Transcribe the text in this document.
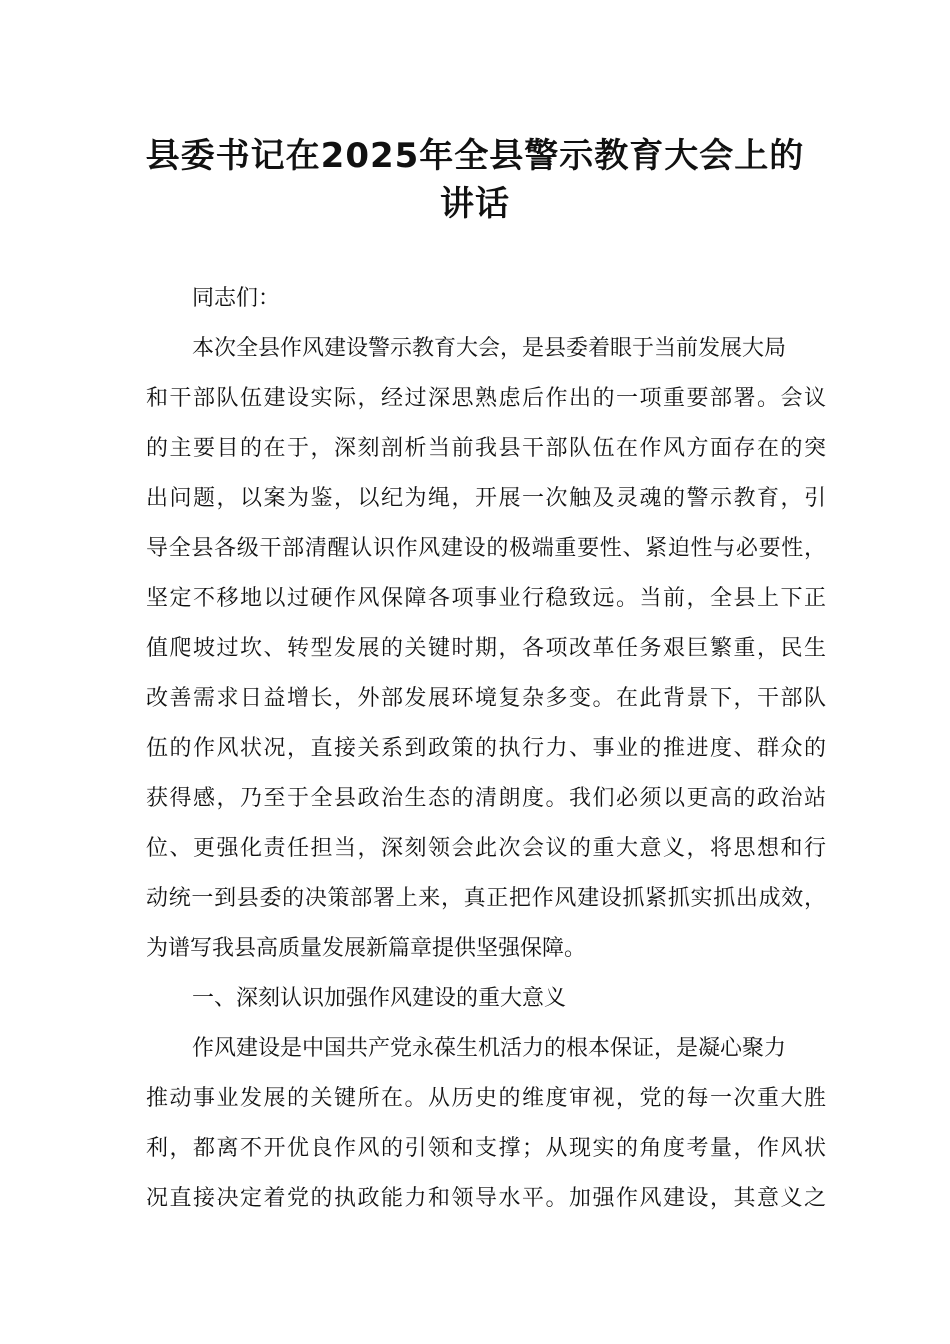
县委书记在2025年全县警示教育大会上的
讲话
同志们：
本次全县作风建设警示教育大会，是县委着眼于当前发展大局
和干部队伍建设实际，经过深思熟虑后作出的一项重要部署。会议
的主要目的在于，深刻剖析当前我县干部队伍在作风方面存在的突
出问题，以案为鉴，以纪为绳，开展一次触及灵魂的警示教育，引
导全县各级干部清醒认识作风建设的极端重要性、紧迫性与必要性，
坚定不移地以过硬作风保障各项事业行稳致远。当前，全县上下正
值爬坡过坎、转型发展的关键时期，各项改革任务艰巨繁重，民生
改善需求日益增长，外部发展环境复杂多变。在此背景下，干部队
伍的作风状况，直接关系到政策的执行力、事业的推进度、群众的
获得感，乃至于全县政治生态的清朗度。我们必须以更高的政治站
位、更强化责任担当，深刻领会此次会议的重大意义，将思想和行
动统一到县委的决策部署上来，真正把作风建设抓紧抓实抓出成效，
为谱写我县高质量发展新篇章提供坚强保障。
一、深刻认识加强作风建设的重大意义
作风建设是中国共产党永葆生机活力的根本保证，是凝心聚力
推动事业发展的关键所在。从历史的维度审视，党的每一次重大胜
利，都离不开优良作风的引领和支撑；从现实的角度考量，作风状
况直接决定着党的执政能力和领导水平。加强作风建设，其意义之
